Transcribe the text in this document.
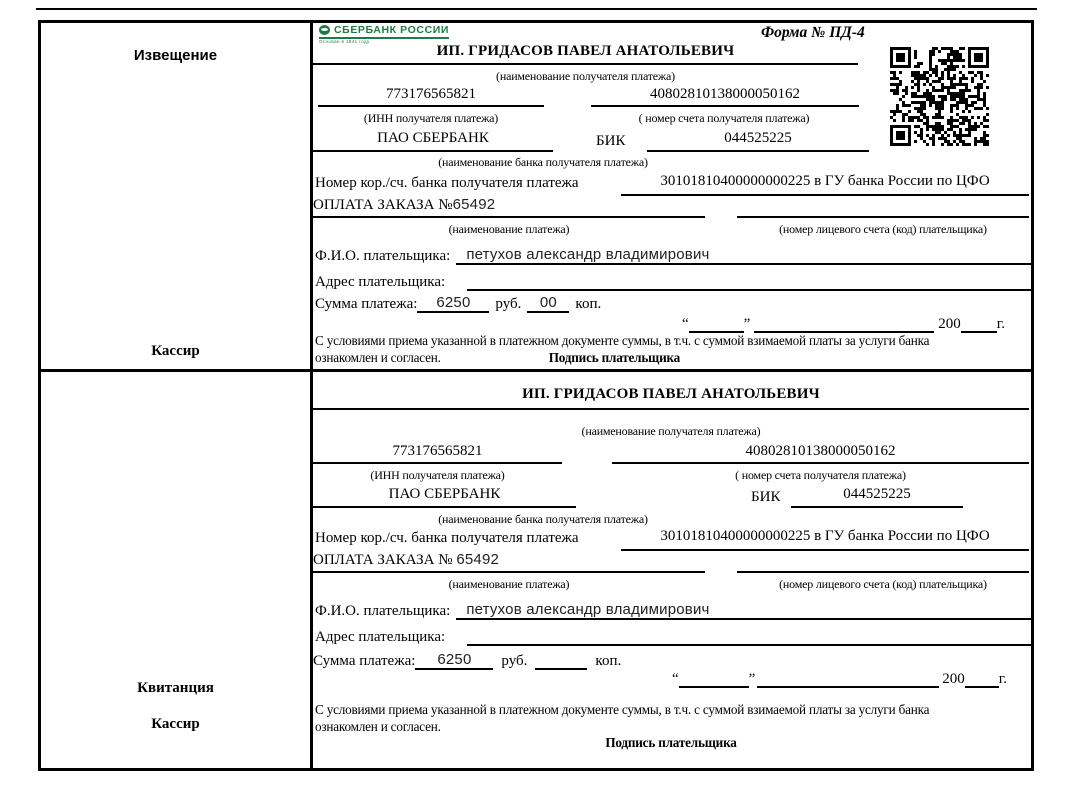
Извещение
Кассир
СБЕРБАНК РОССИИ
Основан в 1841 году	Форма № ПД-4
ИП. ГРИДАСОВ ПАВЕЛ АНАТОЛЬЕВИЧ
(наименование получателя платежа)
773176565821	40802810138000050162
(ИНН получателя платежа)	( номер счета получателя платежа)
ПАО СБЕРБАНК	БИК	044525225
(наименование банка получателя платежа)
Номер кор./сч. банка получателя платежа	30101810400000000225 в ГУ банка России по ЦФО
ОПЛАТА ЗАКАЗА №65492
(наименование платежа)	(номер лицевого счета (код) плательщика)
Ф.И.О. плательщика:	петухов александр владимирович
Адрес плательщика:
Сумма платежа:	6250	руб.	00	коп.
“	”	200 г.
С условиями приема указанной в платежном документе суммы, в т.ч. с суммой взимаемой платы за услуги банка
ознакомлен и согласен.	Подпись плательщика
Квитанция
Кассир
ИП. ГРИДАСОВ ПАВЕЛ АНАТОЛЬЕВИЧ
(наименование получателя платежа)
773176565821	40802810138000050162
(ИНН получателя платежа)	( номер счета получателя платежа)
ПАО СБЕРБАНК	БИК	044525225
(наименование банка получателя платежа)
Номер кор./сч. банка получателя платежа	30101810400000000225 в ГУ банка России по ЦФО
ОПЛАТА ЗАКАЗА № 65492
(наименование платежа)	(номер лицевого счета (код) плательщика)
Ф.И.О. плательщика:	петухов александр владимирович
Адрес плательщика:
Сумма платежа:	6250	руб.	коп.
“	”	200 г.
С условиями приема указанной в платежном документе суммы, в т.ч. с суммой взимаемой платы за услуги банка
ознакомлен и согласен.
Подпись плательщика
